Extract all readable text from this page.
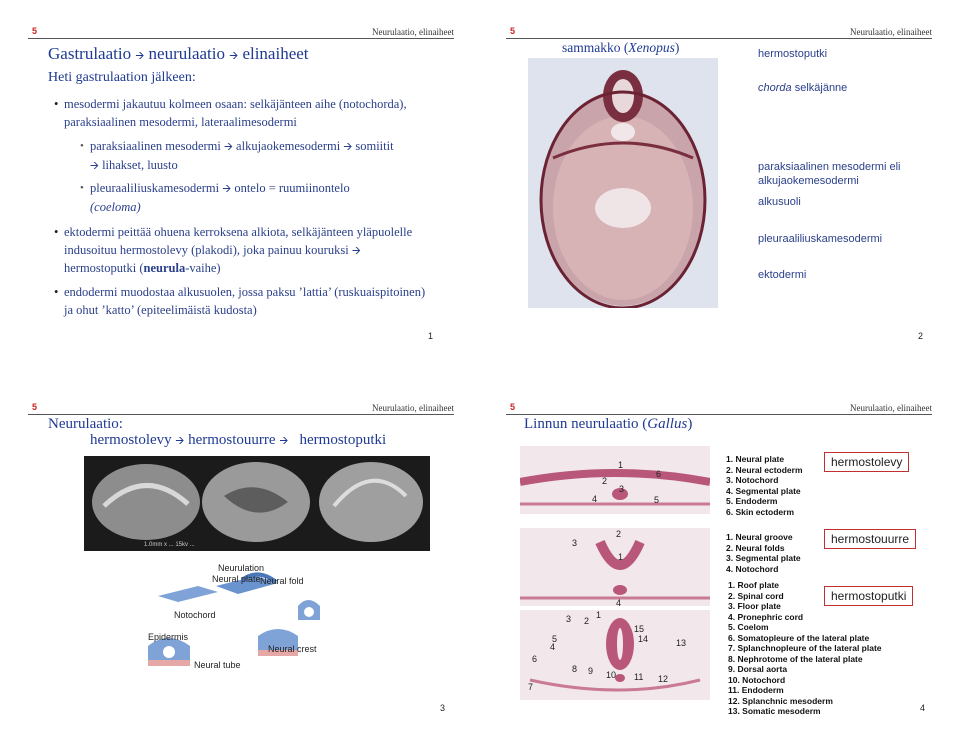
5	Neurulaatio, elinaiheet
Gastrulaatio 🡪 neurulaatio 🡪 elinaiheet
Heti gastrulaation jälkeen:
• mesodermi jakautuu kolmeen osaan: selkäjänteen aihe (notochorda), paraksiaalinen mesodermi, lateraalimesodermi
• paraksiaalinen mesodermi 🡪 alkujaokemesodermi 🡪 somiitit
🡪 lihakset, luusto
• pleuraaliliuskamesodermi 🡪 ontelo = ruumiinontelo
(coeloma)
• ektodermi peittää ohuena kerroksena alkiota, selkäjänteen yläpuolelle indusoituu hermostolevy (plakodi), joka painuu kouruksi 🡪 hermostoputki (neurula-vaihe)
• endodermi muodostaa alkusuolen, jossa paksu ’lattia’ (ruskuaispitoinen) ja ohut ’katto’ (epiteelimäistä kudosta)
1
5	Neurulaatio, elinaiheet
sammakko (Xenopus)	hermostoputki
chorda selkäjänne
paraksiaalinen mesodermi eli
alkujaokemesodermi
alkusuoli
pleuraaliliuskamesodermi
ektodermi
2
5	Neurulaatio, elinaiheet
Neurulaatio:
hermostolevy 🡪 hermostouurre 🡪 hermostoputki
1.0mm x ... 15kv ...
Neurulation
Neural plate Neural fold
Notochord
Epidermis
Neural crest
Neural tube
3
5	Neurulaatio, elinaiheet
Linnun neurulaatio (Gallus)
1
2
3
4	5
6
3
2
1
4
1. Neural plate
2. Neural ectoderm
3. Notochord
4. Segmental plate
5. Endoderm
6. Skin ectoderm
hermostolevy
1. Neural groove
2. Neural folds
3. Segmental plate
4. Notochord
hermostouurre
1. Roof plate
2. Spinal cord
3. Floor plate
4. Pronephric cord
5. Coelom
6. Somatopleure of the lateral plate
7. Splanchnopleure of the lateral plate
8. Nephrotome of the lateral plate
9. Dorsal aorta
10. Notochord
11. Endoderm
12. Splanchnic mesoderm
13. Somatic mesoderm
hermostoputki
4
3 2
1
15
14
5
4	13
6
8 9 10 11 12
7
